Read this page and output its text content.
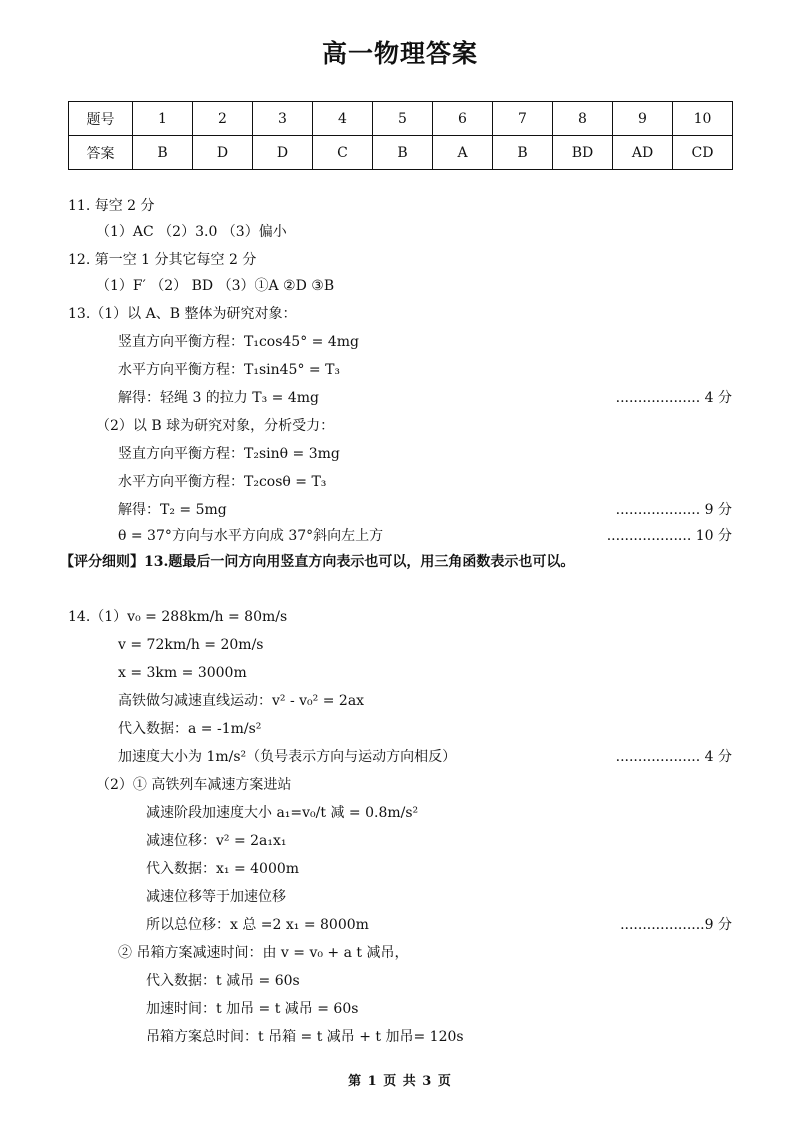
高一物理答案
题号	1	2	3	4	5	6	7	8	9	10
答案	B	D	D	C	B	A	B	BD	AD	CD
11. 每空 2 分
（1）AC （2）3.0 （3）偏小
12. 第一空 1 分其它每空 2 分
（1）F′ （2） BD （3）①A ②D ③B
13.（1）以 A、B 整体为研究对象：
竖直方向平衡方程：T₁cos45° = 4mg
水平方向平衡方程：T₁sin45° = T₃
解得：轻绳 3 的拉力 T₃ = 4mg	................... 4 分
（2）以 B 球为研究对象，分析受力：
竖直方向平衡方程：T₂sinθ = 3mg
水平方向平衡方程：T₂cosθ = T₃
解得：T₂ = 5mg	................... 9 分
θ = 37°方向与水平方向成 37°斜向左上方	................... 10 分
【评分细则】13.题最后一问方向用竖直方向表示也可以，用三角函数表示也可以。
14.（1）v₀ = 288km/h = 80m/s
v = 72km/h = 20m/s
x = 3km = 3000m
高铁做匀减速直线运动：v² - v₀² = 2ax
代入数据：a = -1m/s²
加速度大小为 1m/s²（负号表示方向与运动方向相反）	................... 4 分
（2）① 高铁列车减速方案进站
减速阶段加速度大小 a₁=v₀/t 减 = 0.8m/s²
减速位移：v² = 2a₁x₁
代入数据：x₁ = 4000m
减速位移等于加速位移
所以总位移：x 总 =2 x₁ = 8000m	...................9 分
② 吊箱方案减速时间：由 v = v₀ + a t 减吊，
代入数据：t 减吊 = 60s
加速时间：t 加吊 = t 减吊 = 60s
吊箱方案总时间：t 吊箱 = t 减吊 + t 加吊= 120s
第 1 页 共 3 页
